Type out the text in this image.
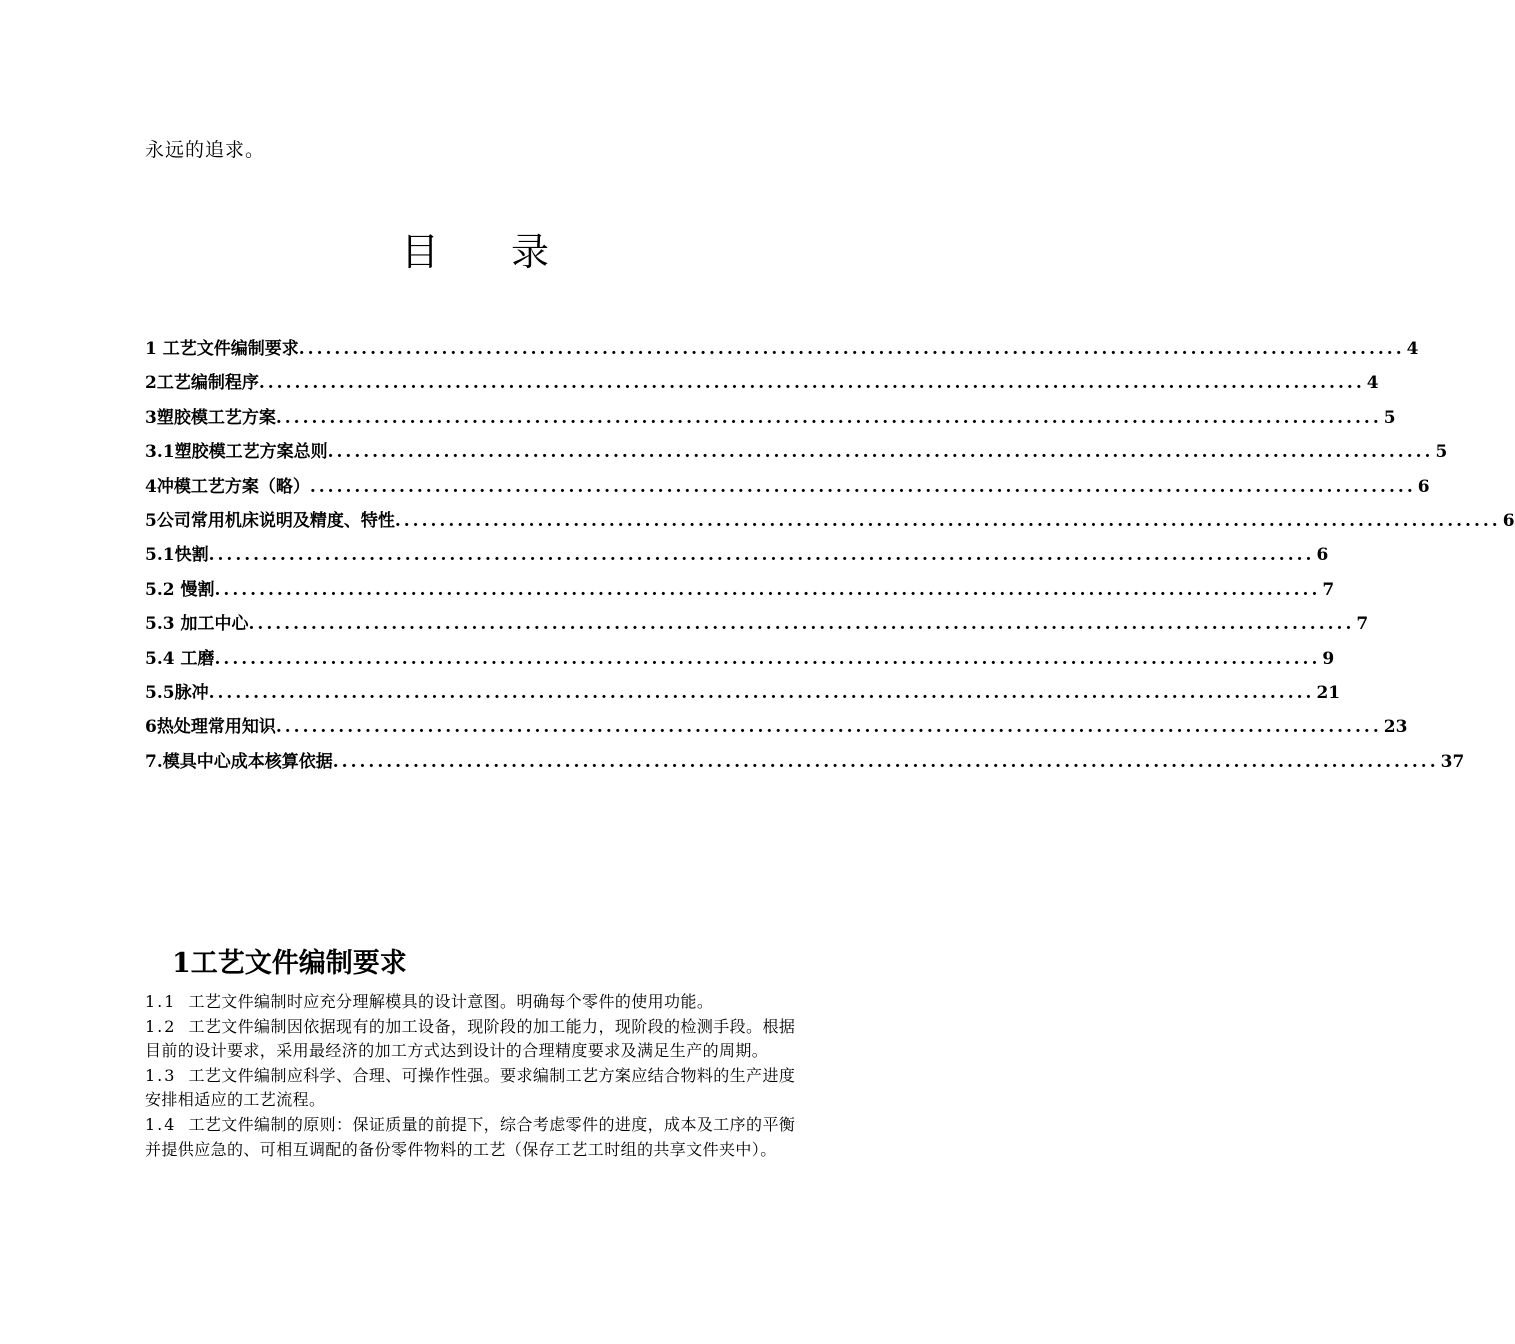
永远的追求。
目 录
1 工艺文件编制要求 ............................................................................................................................ 4
2工艺编制程序 ............................................................................................................................ 4
3塑胶模工艺方案 ............................................................................................................................ 5
3.1塑胶模工艺方案总则 ............................................................................................................................ 5
4冲模工艺方案（略） ............................................................................................................................ 6
5公司常用机床说明及精度、特性 ............................................................................................................................ 6
5.1快割 ............................................................................................................................ 6
5.2 慢割 ............................................................................................................................ 7
5.3 加工中心 ............................................................................................................................ 7
5.4 工磨 ............................................................................................................................ 9
5.5脉冲 ............................................................................................................................ 21
6热处理常用知识 ............................................................................................................................ 23
7.模具中心成本核算依据 ............................................................................................................................ 37
1工艺文件编制要求

1.1 工艺文件编制时应充分理解模具的设计意图。明确每个零件的使用功能。

1.2 工艺文件编制因依据现有的加工设备，现阶段的加工能力，现阶段的检测手段。根据目前的设计要求，采用最经济的加工方式达到设计的合理精度要求及满足生产的周期。

1.3 工艺文件编制应科学、合理、可操作性强。要求编制工艺方案应结合物料的生产进度安排相适应的工艺流程。

1.4 工艺文件编制的原则：保证质量的前提下，综合考虑零件的进度，成本及工序的平衡并提供应急的、可相互调配的备份零件物料的工艺（保存工艺工时组的共享文件夹中）。
